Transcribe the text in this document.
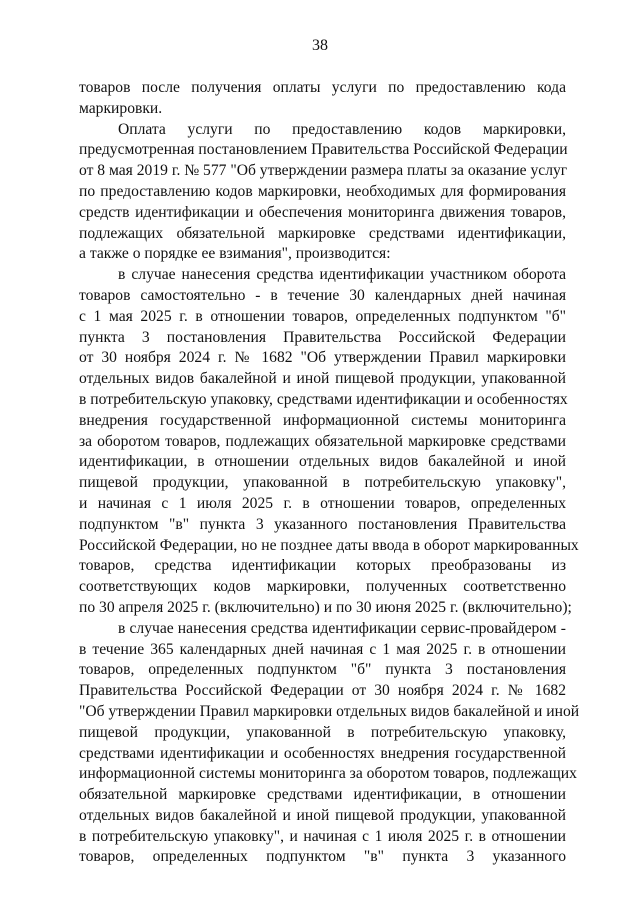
38
товаров после получения оплаты услуги по предоставлению кода
маркировки.
Оплата услуги по предоставлению кодов маркировки,
предусмотренная постановлением Правительства Российской Федерации
от 8 мая 2019 г. № 577 "Об утверждении размера платы за оказание услуг
по предоставлению кодов маркировки, необходимых для формирования
средств идентификации и обеспечения мониторинга движения товаров,
подлежащих обязательной маркировке средствами идентификации,
а также о порядке ее взимания", производится:
в случае нанесения средства идентификации участником оборота
товаров самостоятельно - в течение 30 календарных дней начиная
с 1 мая 2025 г. в отношении товаров, определенных подпунктом "б"
пункта 3 постановления Правительства Российской Федерации
от 30 ноября 2024 г. № 1682 "Об утверждении Правил маркировки
отдельных видов бакалейной и иной пищевой продукции, упакованной
в потребительскую упаковку, средствами идентификации и особенностях
внедрения государственной информационной системы мониторинга
за оборотом товаров, подлежащих обязательной маркировке средствами
идентификации, в отношении отдельных видов бакалейной и иной
пищевой продукции, упакованной в потребительскую упаковку",
и начиная с 1 июля 2025 г. в отношении товаров, определенных
подпунктом "в" пункта 3 указанного постановления Правительства
Российской Федерации, но не позднее даты ввода в оборот маркированных
товаров, средства идентификации которых преобразованы из
соответствующих кодов маркировки, полученных соответственно
по 30 апреля 2025 г. (включительно) и по 30 июня 2025 г. (включительно);
в случае нанесения средства идентификации сервис-провайдером -
в течение 365 календарных дней начиная с 1 мая 2025 г. в отношении
товаров, определенных подпунктом "б" пункта 3 постановления
Правительства Российской Федерации от 30 ноября 2024 г. № 1682
"Об утверждении Правил маркировки отдельных видов бакалейной и иной
пищевой продукции, упакованной в потребительскую упаковку,
средствами идентификации и особенностях внедрения государственной
информационной системы мониторинга за оборотом товаров, подлежащих
обязательной маркировке средствами идентификации, в отношении
отдельных видов бакалейной и иной пищевой продукции, упакованной
в потребительскую упаковку", и начиная с 1 июля 2025 г. в отношении
товаров, определенных подпунктом "в" пункта 3 указанного
